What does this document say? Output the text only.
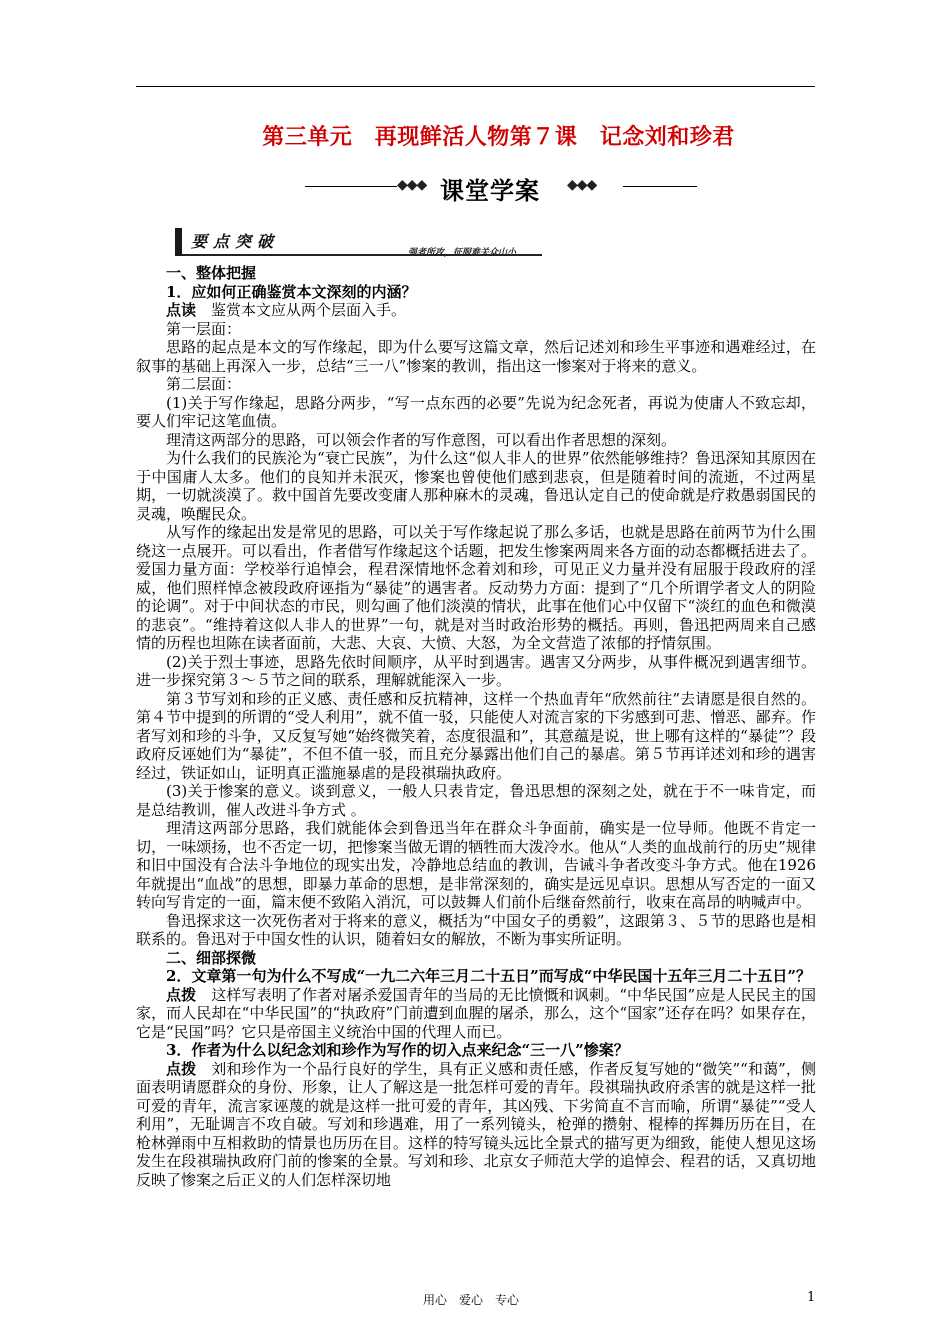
第三单元　再现鲜活人物第７课　记念刘和珍君
◆◆◆ 课堂学案 ◆◆◆
要点突破
强者所攻，征服难关众山小

一、整体把握

1．应如何正确鉴赏本文深刻的内涵？

点读　鉴赏本文应从两个层面入手。

第一层面：

思路的起点是本文的写作缘起，即为什么要写这篇文章，然后记述刘和珍生平事迹和遇难经过，在叙事的基础上再深入一步，总结“三一八”惨案的教训，指出这一惨案对于将来的意义。

第二层面：

(1)关于写作缘起，思路分两步，“写一点东西的必要”先说为纪念死者，再说为使庸人不致忘却，要人们牢记这笔血债。

理清这两部分的思路，可以领会作者的写作意图，可以看出作者思想的深刻。

为什么我们的民族沦为“衰亡民族”，为什么这“似人非人的世界”依然能够维持？鲁迅深知其原因在于中国庸人太多。他们的良知并未泯灭，惨案也曾使他们感到悲哀，但是随着时间的流逝，不过两星期，一切就淡漠了。救中国首先要改变庸人那种麻木的灵魂，鲁迅认定自己的使命就是疗救愚弱国民的灵魂，唤醒民众。

从写作的缘起出发是常见的思路，可以关于写作缘起说了那么多话，也就是思路在前两节为什么围绕这一点展开。可以看出，作者借写作缘起这个话题，把发生惨案两周来各方面的动态都概括进去了。爱国力量方面：学校举行追悼会，程君深情地怀念着刘和珍，可见正义力量并没有屈服于段政府的淫威，他们照样悼念被段政府诬指为“暴徒”的遇害者。反动势力方面：提到了“几个所谓学者文人的阴险的论调”。对于中间状态的市民，则勾画了他们淡漠的情状，此事在他们心中仅留下“淡红的血色和微漠的悲哀”。“维持着这似人非人的世界”一句，就是对当时政治形势的概括。再则，鲁迅把两周来自己感情的历程也坦陈在读者面前，大悲、大哀、大愤、大怒，为全文营造了浓郁的抒情氛围。

(2)关于烈士事迹，思路先依时间顺序，从平时到遇害。遇害又分两步，从事件概况到遇害细节。进一步探究第３～５节之间的联系，理解就能深入一步。

第３节写刘和珍的正义感、责任感和反抗精神，这样一个热血青年“欣然前往”去请愿是很自然的。第４节中提到的所谓的“受人利用”，就不值一驳，只能使人对流言家的下劣感到可悲、憎恶、鄙弃。作者写刘和珍的斗争，又反复写她“始终微笑着，态度很温和”，其意蕴是说，世上哪有这样的“暴徒”？段政府反诬她们为“暴徒”，不但不值一驳，而且充分暴露出他们自己的暴虐。第５节再详述刘和珍的遇害经过，铁证如山，证明真正滥施暴虐的是段祺瑞执政府。

(3)关于惨案的意义。谈到意义，一般人只表肯定，鲁迅思想的深刻之处，就在于不一味肯定，而是总结教训，催人改进斗争方式 。

理清这两部分思路，我们就能体会到鲁迅当年在群众斗争面前，确实是一位导师。他既不肯定一切，一味颂扬，也不否定一切，把惨案当做无谓的牺牲而大泼冷水。他从“人类的血战前行的历史”规律和旧中国没有合法斗争地位的现实出发，冷静地总结血的教训，告诫斗争者改变斗争方式。他在1926年就提出“血战”的思想，即暴力革命的思想，是非常深刻的，确实是远见卓识。思想从写否定的一面又转向写肯定的一面，篇末便不致陷入消沉，可以鼓舞人们前仆后继奋然前行，收束在高昂的呐喊声中。

鲁迅探求这一次死伤者对于将来的意义，概括为“中国女子的勇毅”，这跟第３、５节的思路也是相联系的。鲁迅对于中国女性的认识，随着妇女的解放，不断为事实所证明。

二、细部探微

2．文章第一句为什么不写成“一九二六年三月二十五日”而写成“中华民国十五年三月二十五日”？

点拨　这样写表明了作者对屠杀爱国青年的当局的无比愤慨和讽刺。“中华民国”应是人民民主的国家，而人民却在“中华民国”的“执政府”门前遭到血腥的屠杀，那么，这个“国家”还存在吗？如果存在，它是“民国”吗？它只是帝国主义统治中国的代理人而已。

3．作者为什么以纪念刘和珍作为写作的切入点来纪念“三一八”惨案？

点拨　刘和珍作为一个品行良好的学生，具有正义感和责任感，作者反复写她的“微笑”“和蔼”，侧面表明请愿群众的身份、形象，让人了解这是一批怎样可爱的青年。段祺瑞执政府杀害的就是这样一批可爱的青年，流言家诬蔑的就是这样一批可爱的青年，其凶残、下劣简直不言而喻，所谓“暴徒”“受人利用”，无耻调言不攻自破。写刘和珍遇难，用了一系列镜头，枪弹的攒射、棍棒的挥舞历历在目，在枪林弹雨中互相救助的情景也历历在目。这样的特写镜头远比全景式的描写更为细致，能使人想见这场发生在段祺瑞执政府门前的惨案的全景。写刘和珍、北京女子师范大学的追悼会、程君的话，又真切地反映了惨案之后正义的人们怎样深切地

用心　爱心　专心	1
